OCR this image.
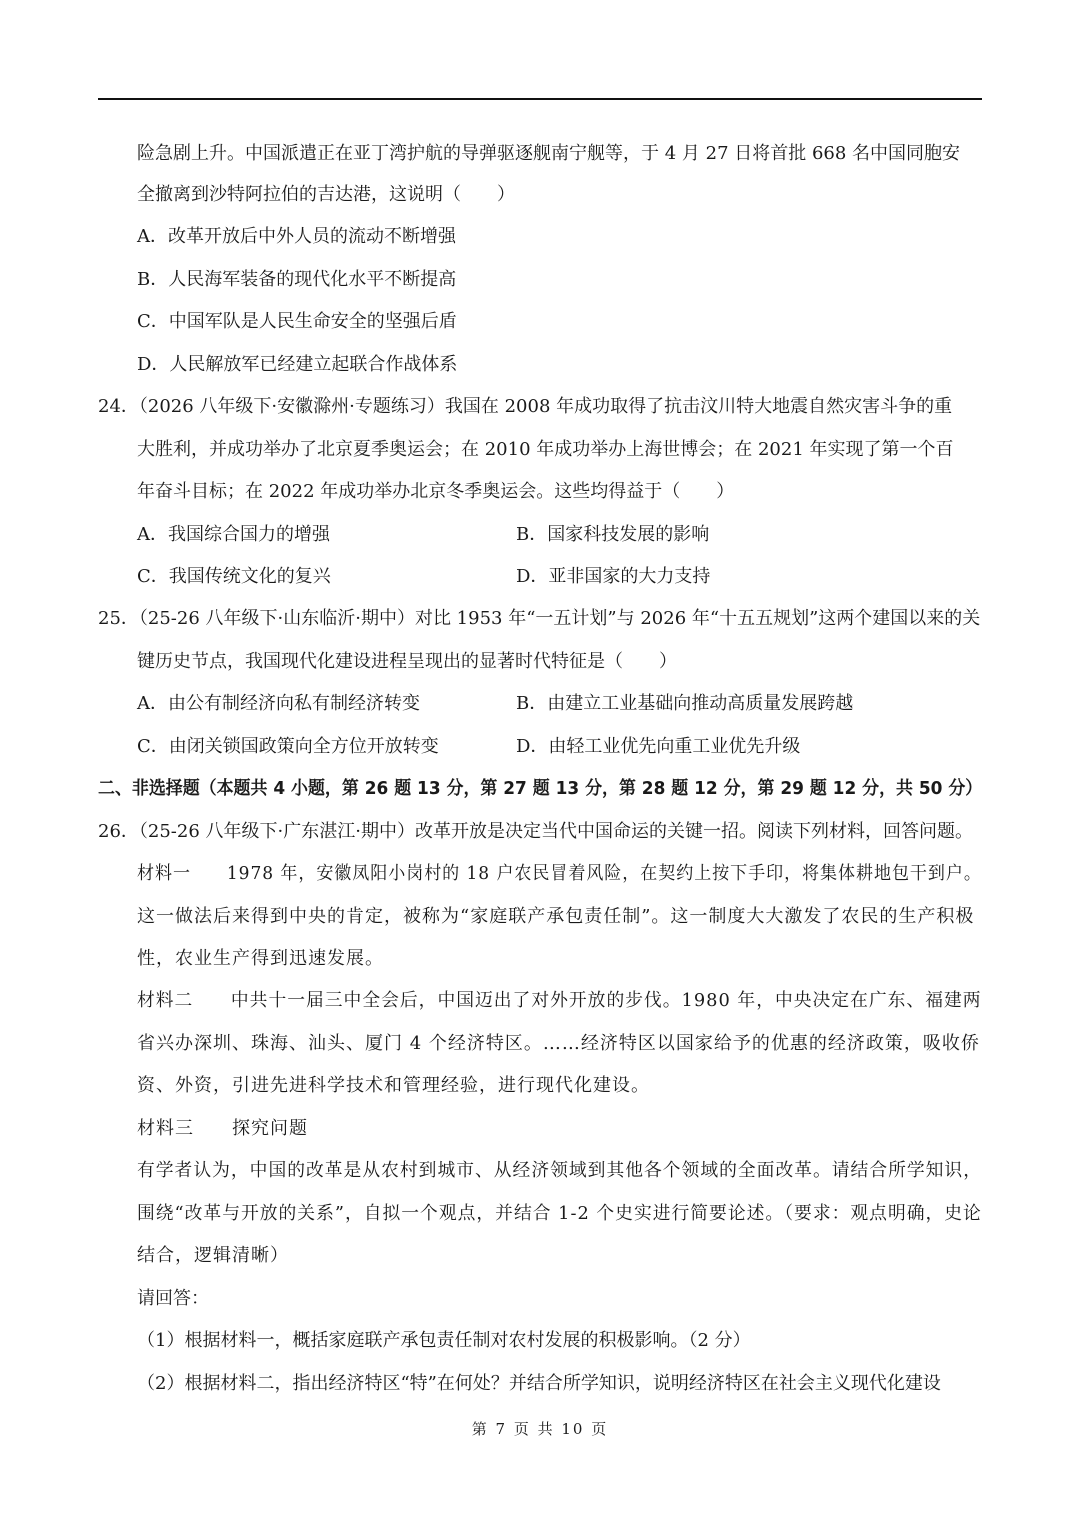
险急剧上升。中国派遣正在亚丁湾护航的导弹驱逐舰南宁舰等，于 4 月 27 日将首批 668 名中国同胞安
全撤离到沙特阿拉伯的吉达港，这说明（　　）
A．改革开放后中外人员的流动不断增强
B．人民海军装备的现代化水平不断提高
C．中国军队是人民生命安全的坚强后盾
D．人民解放军已经建立起联合作战体系
24．（2026 八年级下·安徽滁州·专题练习）我国在 2008 年成功取得了抗击汶川特大地震自然灾害斗争的重
大胜利，并成功举办了北京夏季奥运会；在 2010 年成功举办上海世博会；在 2021 年实现了第一个百
年奋斗目标；在 2022 年成功举办北京冬季奥运会。这些均得益于（　　）
A．我国综合国力的增强	B．国家科技发展的影响
C．我国传统文化的复兴	D．亚非国家的大力支持
25．（25-26 八年级下·山东临沂·期中）对比 1953 年“一五计划”与 2026 年“十五五规划”这两个建国以来的关
键历史节点，我国现代化建设进程呈现出的显著时代特征是（　　）
A．由公有制经济向私有制经济转变	B．由建立工业基础向推动高质量发展跨越
C．由闭关锁国政策向全方位开放转变	D．由轻工业优先向重工业优先升级
二、非选择题（本题共 4 小题，第 26 题 13 分，第 27 题 13 分，第 28 题 12 分，第 29 题 12 分，共 50 分）
26．（25-26 八年级下·广东湛江·期中）改革开放是决定当代中国命运的关键一招。阅读下列材料，回答问题。
材料一　　1978 年，安徽凤阳小岗村的 18 户农民冒着风险，在契约上按下手印，将集体耕地包干到户。
这一做法后来得到中央的肯定，被称为“家庭联产承包责任制”。这一制度大大激发了农民的生产积极
性，农业生产得到迅速发展。
材料二　　中共十一届三中全会后，中国迈出了对外开放的步伐。1980 年，中央决定在广东、福建两
省兴办深圳、珠海、汕头、厦门 4 个经济特区。……经济特区以国家给予的优惠的经济政策，吸收侨
资、外资，引进先进科学技术和管理经验，进行现代化建设。
材料三　　探究问题
有学者认为，中国的改革是从农村到城市、从经济领域到其他各个领域的全面改革。请结合所学知识，
围绕“改革与开放的关系”，自拟一个观点，并结合 1-2 个史实进行简要论述。（要求：观点明确，史论
结合，逻辑清晰）
请回答：
（1）根据材料一，概括家庭联产承包责任制对农村发展的积极影响。（2 分）
（2）根据材料二，指出经济特区“特”在何处？并结合所学知识，说明经济特区在社会主义现代化建设
第 7 页 共 10 页
